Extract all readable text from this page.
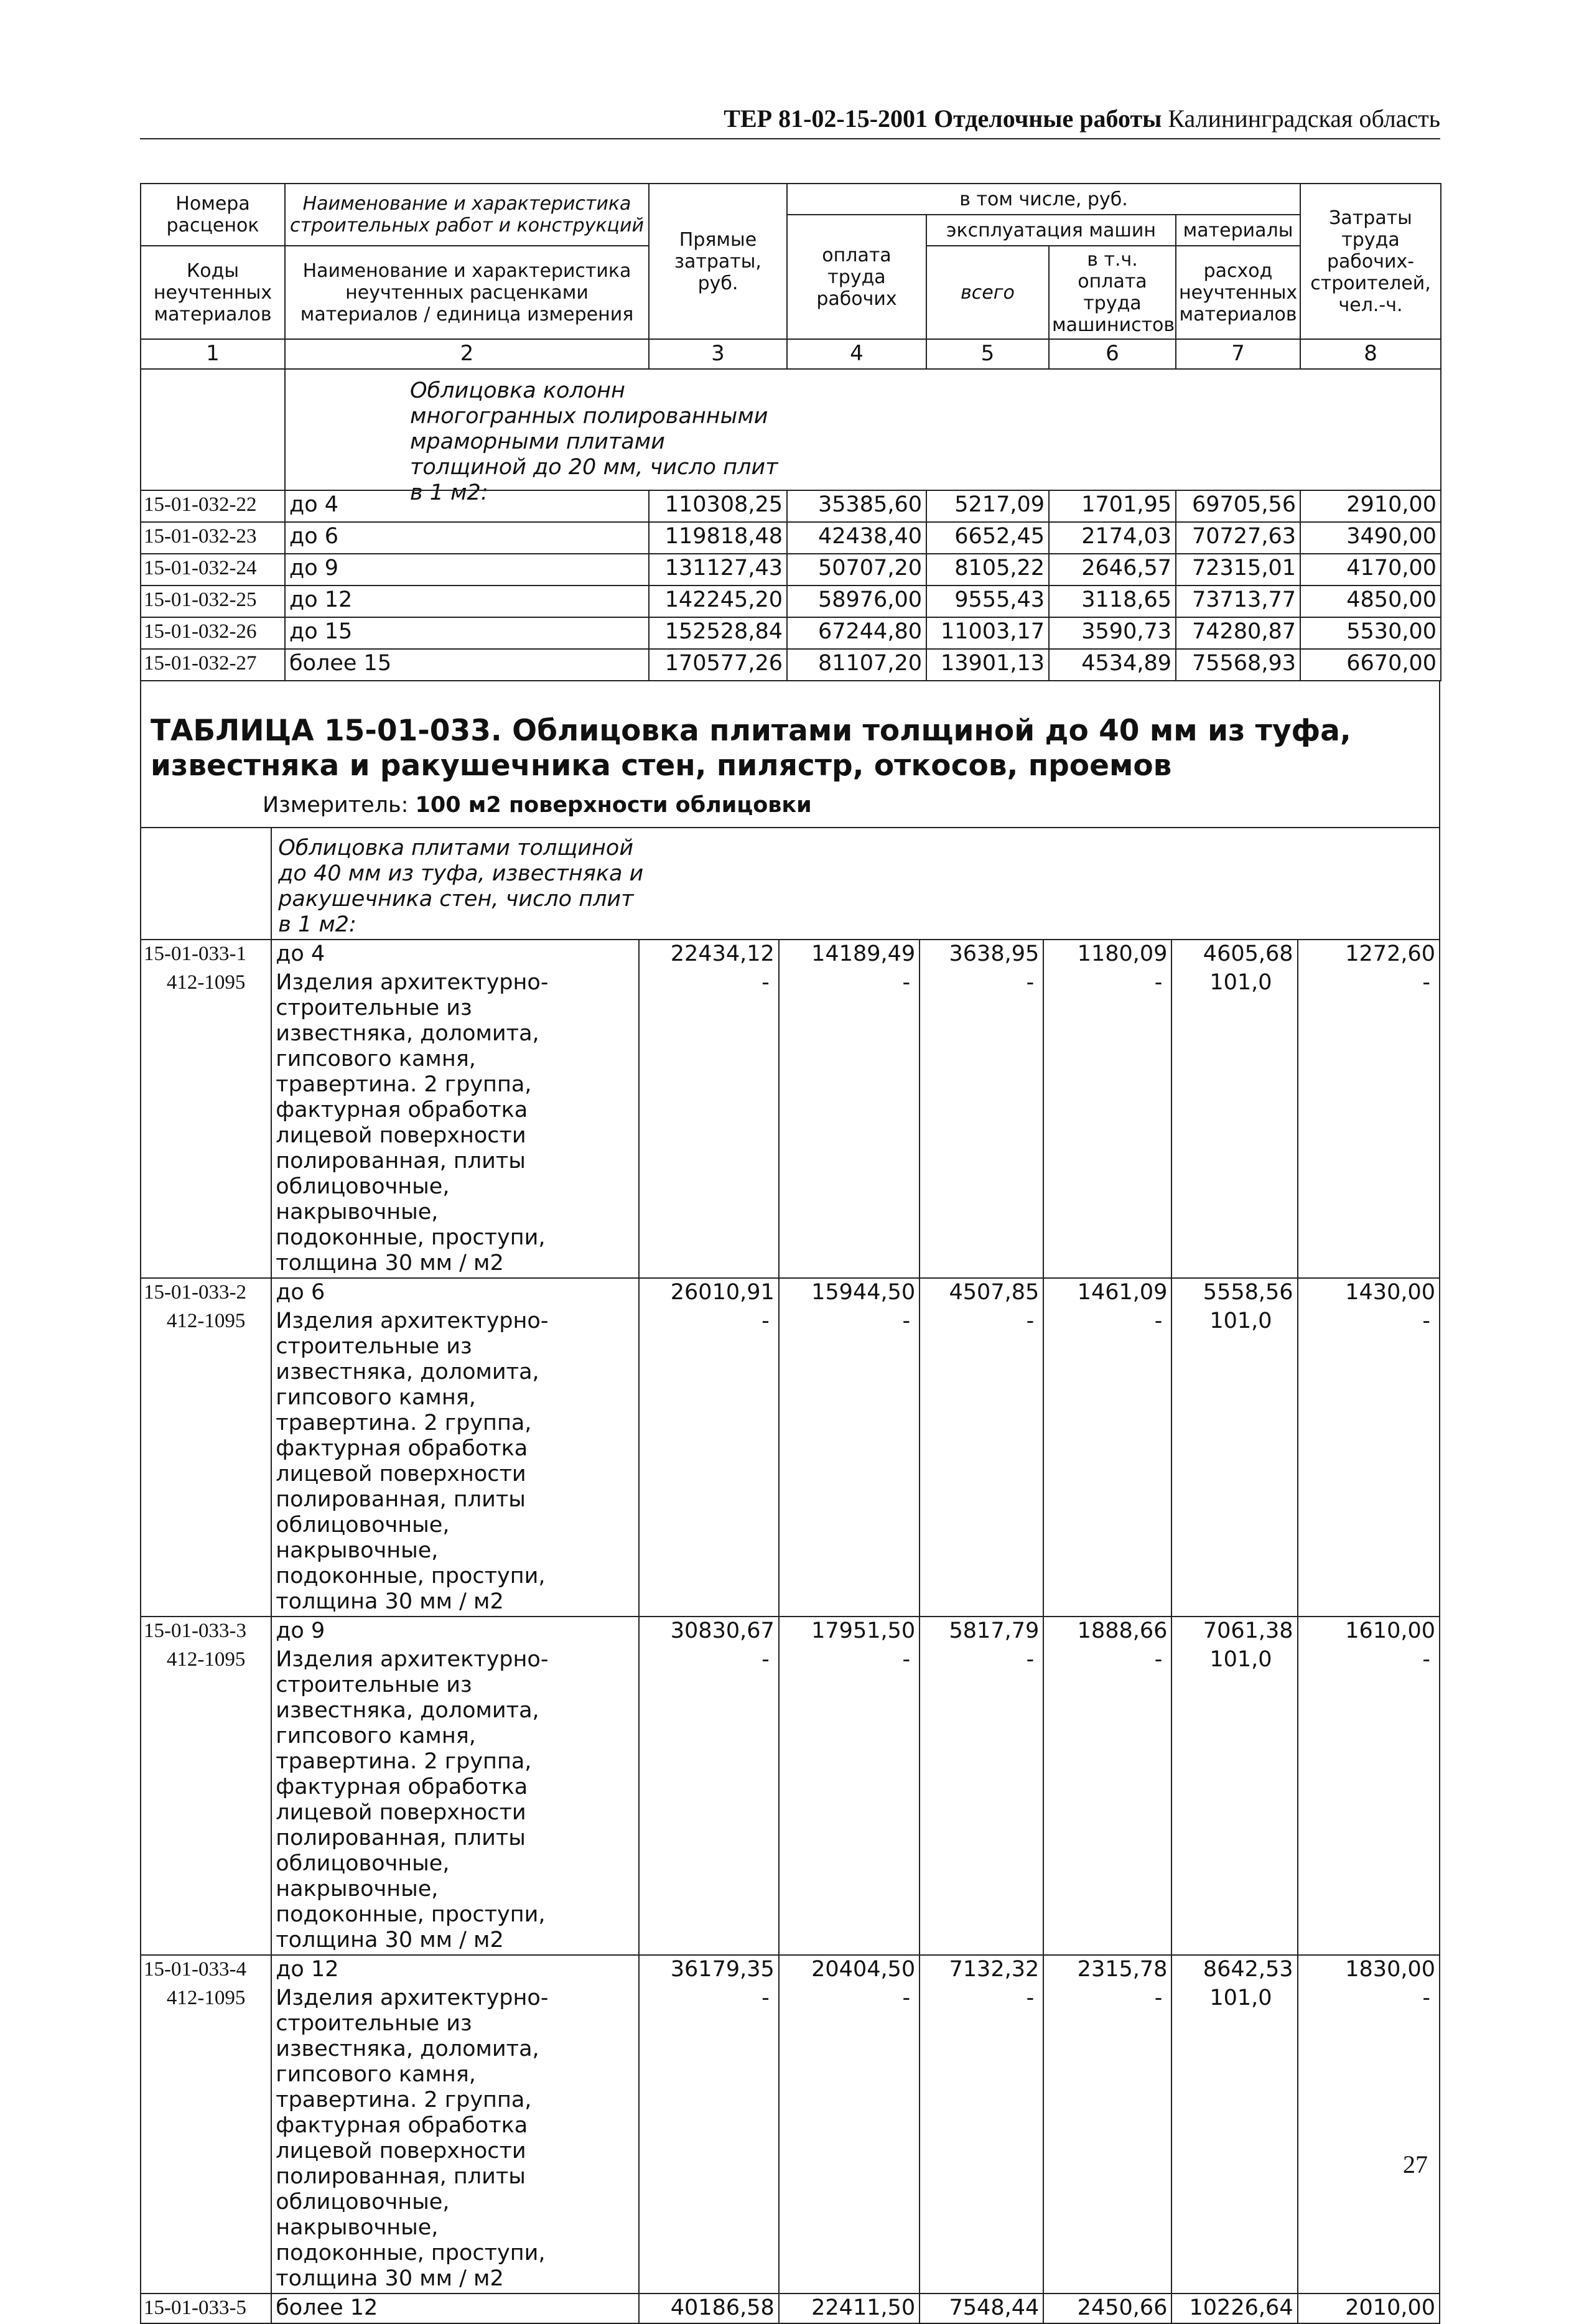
ТЕР 81-02-15-2001 Отделочные работы Калининградская область
Номера расценок	Наименование и характеристика строительных работ и конструкций	Прямые затраты, руб.	в том числе, руб.				Затраты труда рабочих-строителей, чел.-ч.
			оплата труда рабочих	эксплуатация машин		материалы	
Коды неучтенных материалов	Наименование и характеристика неучтенных расценками материалов / единица измерения			всего	в т.ч. оплата труда машинистов	расход неучтенных материалов	

1	2	3	4	5	6	7	8

Облицовка колонн многогранных полированными мраморными плитами толщиной до 20 мм, число плит в 1 м2:
15-01-032-22	до 4	110308,25	35385,60	5217,09	1701,95	69705,56	2910,00
15-01-032-23	до 6	119818,48	42438,40	6652,45	2174,03	70727,63	3490,00
15-01-032-24	до 9	131127,43	50707,20	8105,22	2646,57	72315,01	4170,00
15-01-032-25	до 12	142245,20	58976,00	9555,43	3118,65	73713,77	4850,00
15-01-032-26	до 15	152528,84	67244,80	11003,17	3590,73	74280,87	5530,00
15-01-032-27	более 15	170577,26	81107,20	13901,13	4534,89	75568,93	6670,00
ТАБЛИЦА 15-01-033. Облицовка плитами толщиной до 40 мм из туфа, известняка и ракушечника стен, пилястр, откосов, проемов
Измеритель: 100 м2 поверхности облицовки

	Облицовка плитами толщиной до 40 мм из туфа, известняка и ракушечника стен, число плит в 1 м2:						

15-01-033-1	до 4	22434,12	14189,49	3638,95	1180,09	4605,68	1272,60
412-1095	Изделия архитектурно-строительные из известняка, доломита, гипсового камня, травертина. 2 группа, фактурная обработка лицевой поверхности полированная, плиты облицовочные, накрывочные, подоконные, проступи, толщина 30 мм / м2	-	-	-	-	101,0	-
15-01-033-2	до 6	26010,91	15944,50	4507,85	1461,09	5558,56	1430,00
412-1095	Изделия архитектурно-строительные из известняка, доломита, гипсового камня, травертина. 2 группа, фактурная обработка лицевой поверхности полированная, плиты облицовочные, накрывочные, подоконные, проступи, толщина 30 мм / м2	-	-	-	-	101,0	-
15-01-033-3	до 9	30830,67	17951,50	5817,79	1888,66	7061,38	1610,00
412-1095	Изделия архитектурно-строительные из известняка, доломита, гипсового камня, травертина. 2 группа, фактурная обработка лицевой поверхности полированная, плиты облицовочные, накрывочные, подоконные, проступи, толщина 30 мм / м2	-	-	-	-	101,0	-
15-01-033-4	до 12	36179,35	20404,50	7132,32	2315,78	8642,53	1830,00
412-1095	Изделия архитектурно-строительные из известняка, доломита, гипсового камня, травертина. 2 группа, фактурная обработка лицевой поверхности полированная, плиты облицовочные, накрывочные, подоконные, проступи, толщина 30 мм / м2	-	-	-	-	101,0	-
15-01-033-5	более 12	40186,58	22411,50	7548,44	2450,66	10226,64	2010,00
27
